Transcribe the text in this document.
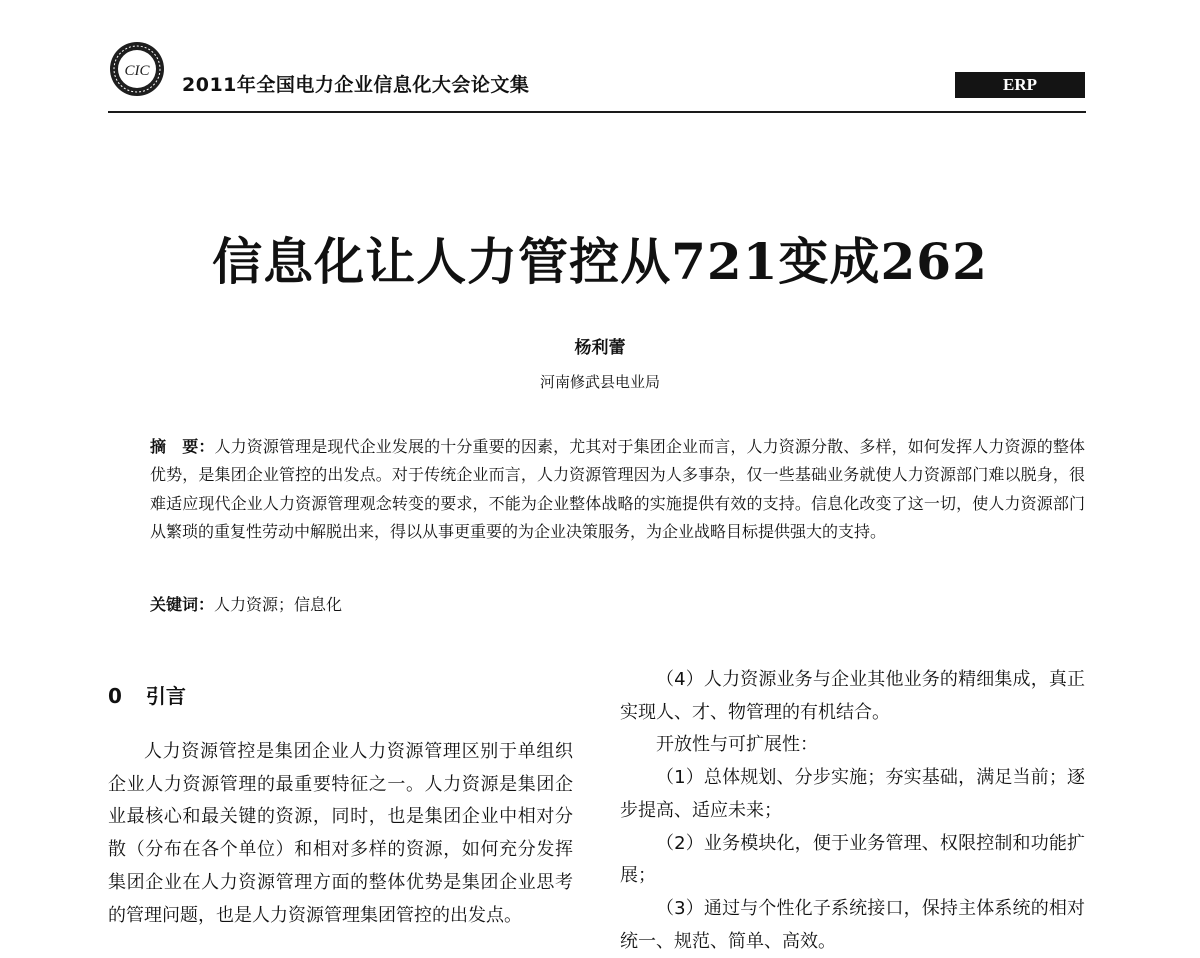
CIC
2011年全国电力企业信息化大会论文集	ERP
信息化让人力管控从721变成262
杨利蕾
河南修武县电业局

摘　要：人力资源管理是现代企业发展的十分重要的因素，尤其对于集团企业而言，人力资源分散、多样，如何发挥人力资源的整体优势，是集团企业管控的出发点。对于传统企业而言，人力资源管理因为人多事杂，仅一些基础业务就使人力资源部门难以脱身，很难适应现代企业人力资源管理观念转变的要求，不能为企业整体战略的实施提供有效的支持。信息化改变了这一切，使人力资源部门从繁琐的重复性劳动中解脱出来，得以从事更重要的为企业决策服务，为企业战略目标提供强大的支持。

关键词：人力资源；信息化

0 引言

人力资源管控是集团企业人力资源管理区别于单组织企业人力资源管理的最重要特征之一。人力资源是集团企业最核心和最关键的资源，同时，也是集团企业中相对分散（分布在各个单位）和相对多样的资源，如何充分发挥集团企业在人力资源管理方面的整体优势是集团企业思考的管理问题，也是人力资源管理集团管控的出发点。

（4）人力资源业务与企业其他业务的精细集成，真正实现人、才、物管理的有机结合。

开放性与可扩展性：

（1）总体规划、分步实施；夯实基础，满足当前；逐步提高、适应未来；

（2）业务模块化，便于业务管理、权限控制和功能扩展；

（3）通过与个性化子系统接口，保持主体系统的相对统一、规范、简单、高效。
